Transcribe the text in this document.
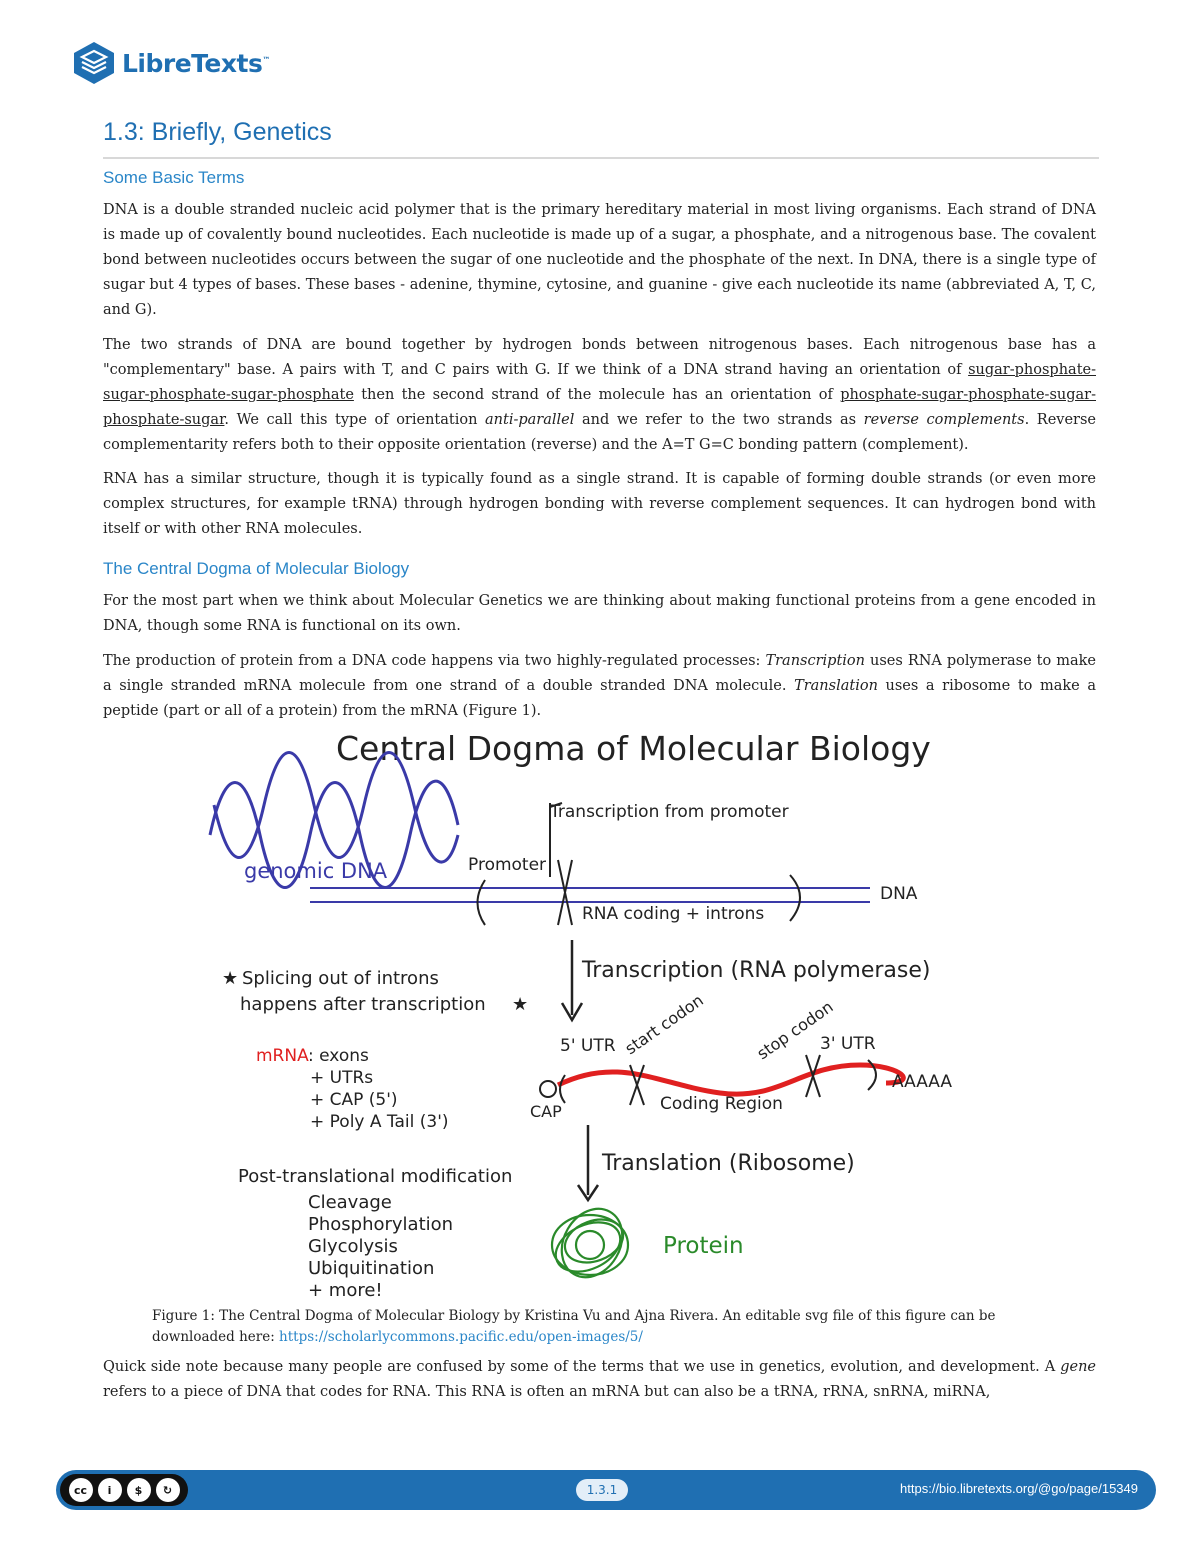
LibreTexts™
1.3: Briefly, Genetics
Some Basic Terms

DNA is a double stranded nucleic acid polymer that is the primary hereditary material in most living organisms. Each strand of DNA is made up of covalently bound nucleotides. Each nucleotide is made up of a sugar, a phosphate, and a nitrogenous base. The covalent bond between nucleotides occurs between the sugar of one nucleotide and the phosphate of the next. In DNA, there is a single type of sugar but 4 types of bases. These bases - adenine, thymine, cytosine, and guanine - give each nucleotide its name (abbreviated A, T, C, and G).

The two strands of DNA are bound together by hydrogen bonds between nitrogenous bases. Each nitrogenous base has a "complementary" base. A pairs with T, and C pairs with G. If we think of a DNA strand having an orientation of sugar-phosphate-sugar-phosphate-sugar-phosphate then the second strand of the molecule has an orientation of phosphate-sugar-phosphate-sugar-phosphate-sugar. We call this type of orientation anti-parallel and we refer to the two strands as reverse complements. Reverse complementarity refers both to their opposite orientation (reverse) and the A=T G=C bonding pattern (complement).

RNA has a similar structure, though it is typically found as a single strand. It is capable of forming double strands (or even more complex structures, for example tRNA) through hydrogen bonding with reverse complement sequences. It can hydrogen bond with itself or with other RNA molecules.

The Central Dogma of Molecular Biology

For the most part when we think about Molecular Genetics we are thinking about making functional proteins from a gene encoded in DNA, though some RNA is functional on its own.

The production of protein from a DNA code happens via two highly-regulated processes: Transcription uses RNA polymerase to make a single stranded mRNA molecule from one strand of a double stranded DNA molecule. Translation uses a ribosome to make a peptide (part or all of a protein) from the mRNA (Figure 1).

Central Dogma of Molecular Biology
genomic DNA
DNA
Promoter
Transcription from promoter
RNA coding + introns
Transcription (RNA polymerase)
★ Splicing out of introns
happens after transcription ★
mRNA : exons
+ UTRs
+ CAP (5')
+ Poly A Tail (3')
5' UTR start codon	stop codon
3' UTR
AAAAA
CAP	Coding Region
Translation (Ribosome)
Post-translational modification
Cleavage
Phosphorylation
Glycolysis
Ubiquitination
+ more!
Protein

Figure 1: The Central Dogma of Molecular Biology by Kristina Vu and Ajna Rivera. An editable svg file of this figure can be downloaded here: https://scholarlycommons.pacific.edu/open-images/5/

Quick side note because many people are confused by some of the terms that we use in genetics, evolution, and development. A gene refers to a piece of DNA that codes for RNA. This RNA is often an mRNA but can also be a tRNA, rRNA, snRNA, miRNA,

cc	i	$	↻	1.3.1	https://bio.libretexts.org/@go/page/15349
